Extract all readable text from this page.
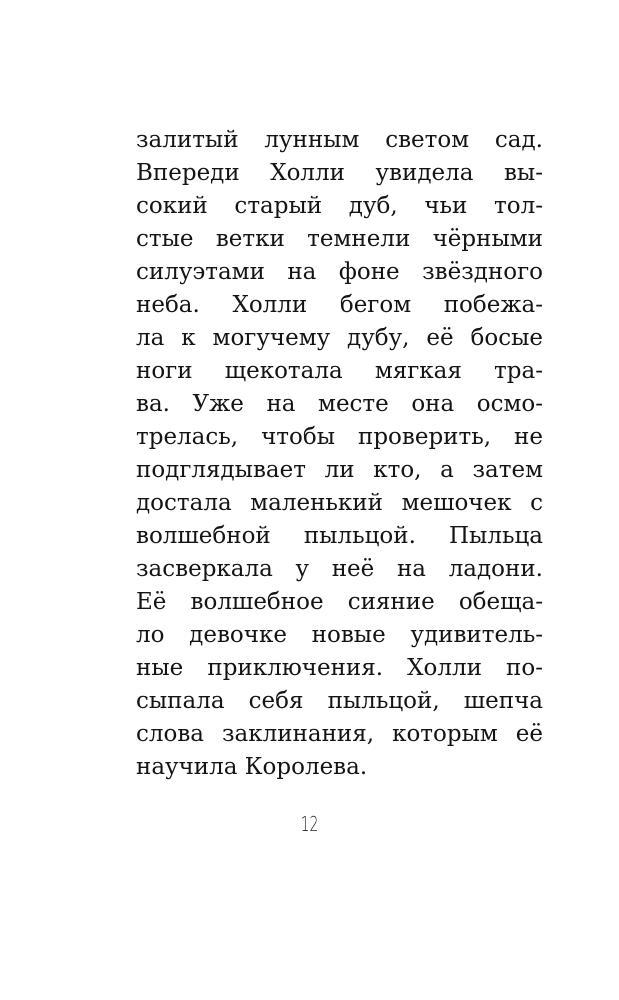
залитый лунным светом сад.
Впереди Холли увидела вы-
сокий старый дуб, чьи тол-
стые ветки темнели чёрными
силуэтами на фоне звёздного
неба. Холли бегом побежа-
ла к могучему дубу, её босые
ноги щекотала мягкая тра-
ва. Уже на месте она осмо-
трелась, чтобы проверить, не
подглядывает ли кто, а затем
достала маленький мешочек с
волшебной пыльцой. Пыльца
засверкала у неё на ладони.
Её волшебное сияние обеща-
ло девочке новые удивитель-
ные приключения. Холли по-
сыпала себя пыльцой, шепча
слова заклинания, которым её
научила Королева.
12
